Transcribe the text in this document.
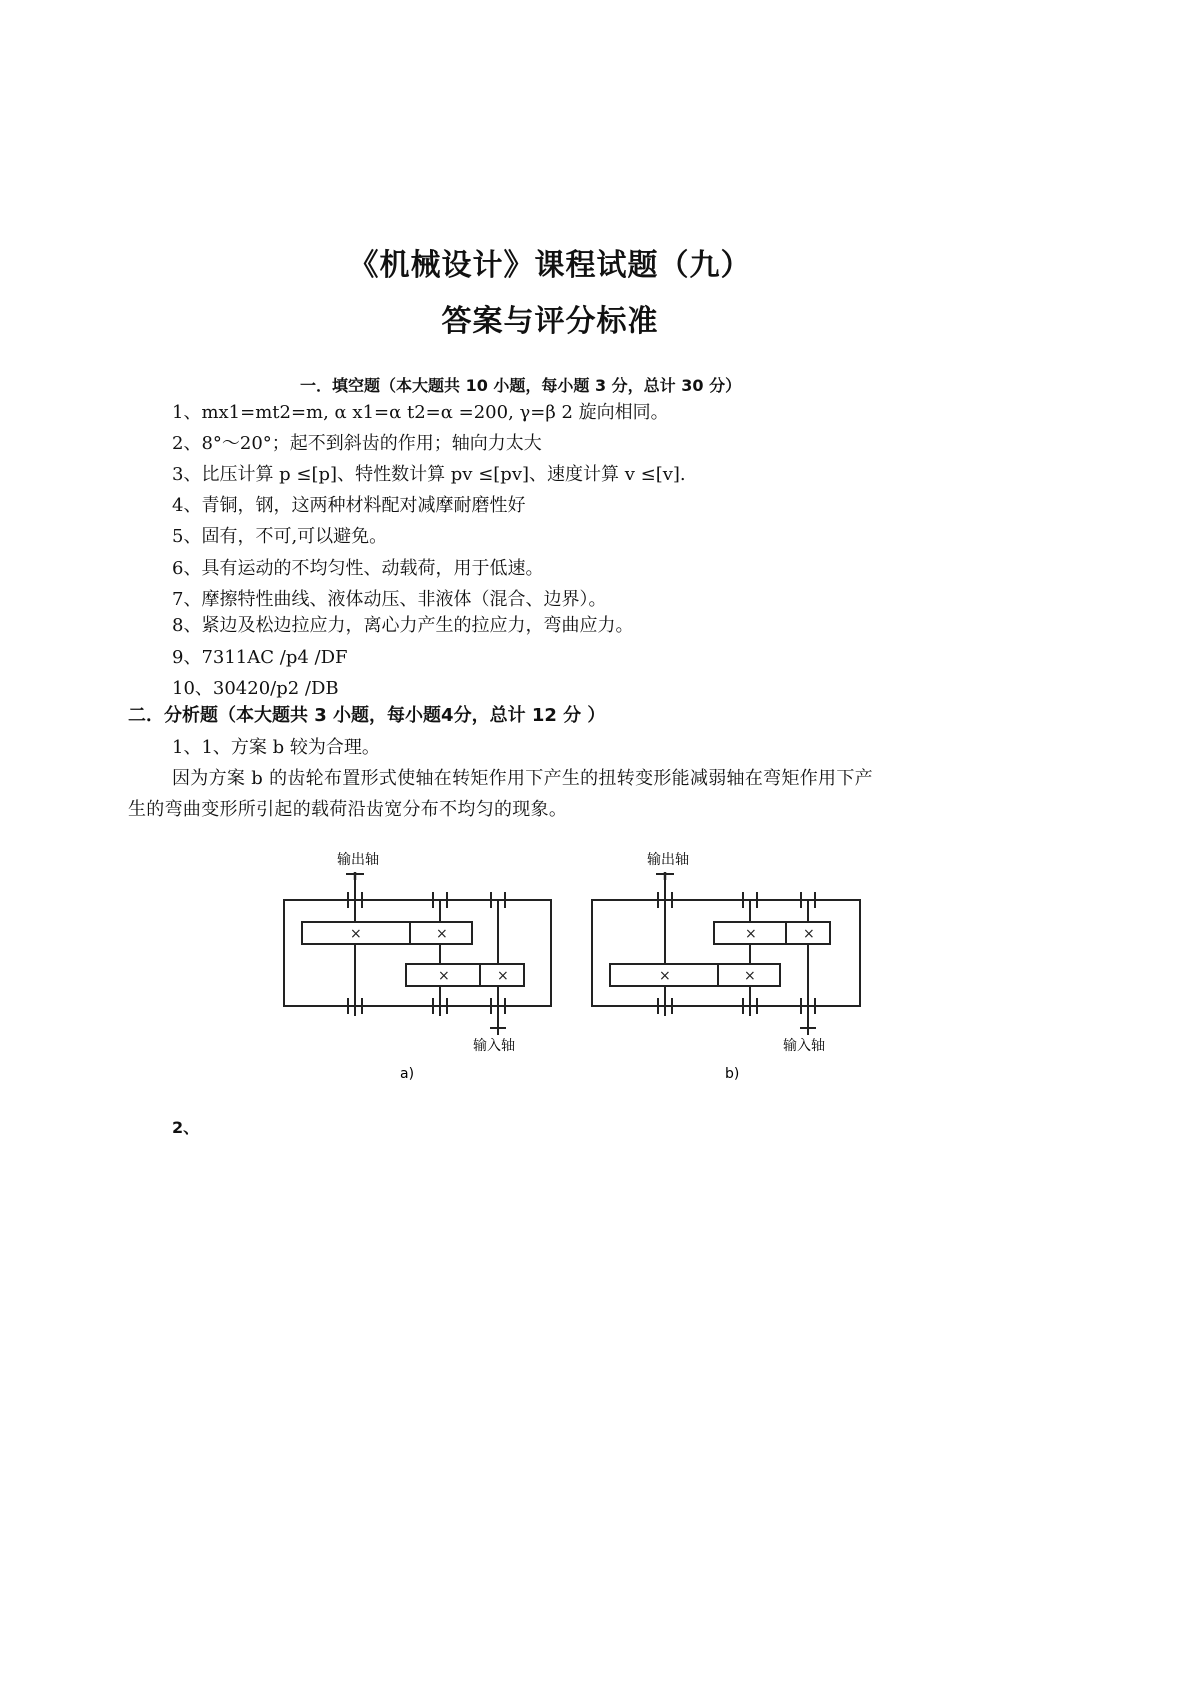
《机械设计》课程试题（九）
答案与评分标准
一．填空题（本大题共 10 小题，每小题 3 分，总计 30 分）
1、mx1=mt2=m, α x1=α t2=α =200, γ=β 2 旋向相同。
2、8°～20°；起不到斜齿的作用；轴向力太大
3、比压计算 p ≤[p]、特性数计算 pv ≤[pv]、速度计算 v ≤[v].
4、青铜，钢，这两种材料配对减摩耐磨性好
5、固有，不可,可以避免。
6、具有运动的不均匀性、动载荷，用于低速。
7、摩擦特性曲线、液体动压、非液体（混合、边界）。
8、紧边及松边拉应力，离心力产生的拉应力，弯曲应力。
9、7311AC /p4 /DF
10、30420/p2 /DB
二．分析题（本大题共 3 小题，每小题4分，总计 12 分 ）
1、1、方案 b 较为合理。
因为方案 b 的齿轮布置形式使轴在转矩作用下产生的扭转变形能减弱轴在弯矩作用下产
生的弯曲变形所引起的载荷沿齿宽分布不均匀的现象。
×	×
×	×
输出轴
输入轴
a)
×	×
×	×
输出轴
输入轴
b)
2、
